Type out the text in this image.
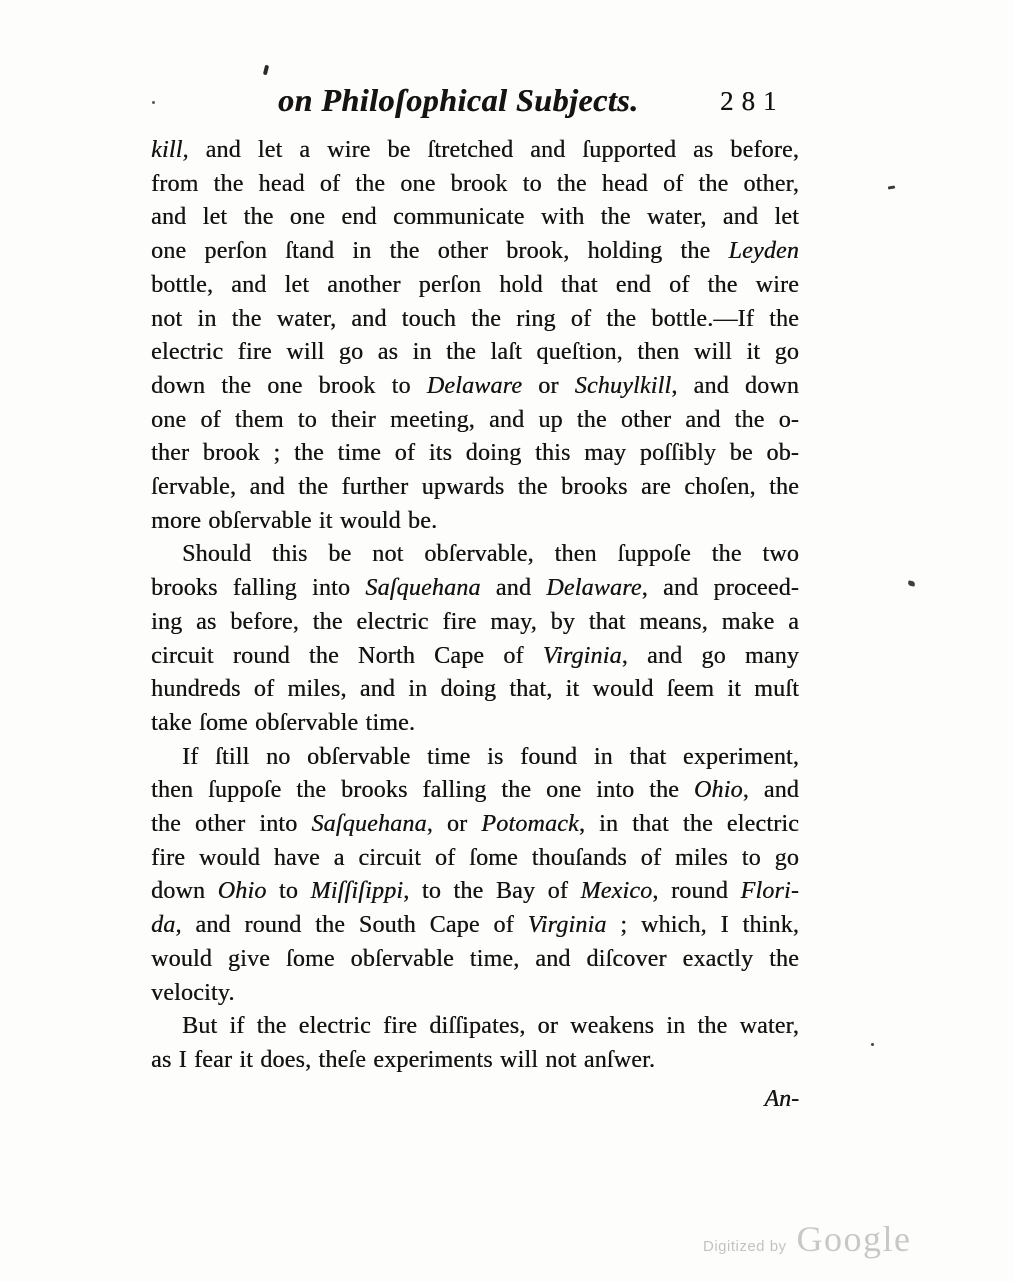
on Philoſophical Subjects.	281
kill, and let a wire be ſtretched and ſupported as before,
from the head of the one brook to the head of the other,
and let the one end communicate with the water, and let
one perſon ſtand in the other brook, holding the Leyden
bottle, and let another perſon hold that end of the wire
not in the water, and touch the ring of the bottle.—If the
electric fire will go as in the laſt queſtion, then will it go
down the one brook to Delaware or Schuylkill, and down
one of them to their meeting, and up the other and the o-
ther brook ; the time of its doing this may poſſibly be ob-
ſervable, and the further upwards the brooks are choſen, the
more obſervable it would be.
Should this be not obſervable, then ſuppoſe the two
brooks falling into Saſquehana and Delaware, and proceed-
ing as before, the electric fire may, by that means, make a
circuit round the North Cape of Virginia, and go many
hundreds of miles, and in doing that, it would ſeem it muſt
take ſome obſervable time.
If ſtill no obſervable time is found in that experiment,
then ſuppoſe the brooks falling the one into the Ohio, and
the other into Saſquehana, or Potomack, in that the electric
fire would have a circuit of ſome thouſands of miles to go
down Ohio to Miſſiſippi, to the Bay of Mexico, round Flori-
da, and round the South Cape of Virginia ; which, I think,
would give ſome obſervable time, and diſcover exactly the
velocity.
But if the electric fire diſſipates, or weakens in the water,
as I fear it does, theſe experiments will not anſwer.
An-
Digitized by Google
